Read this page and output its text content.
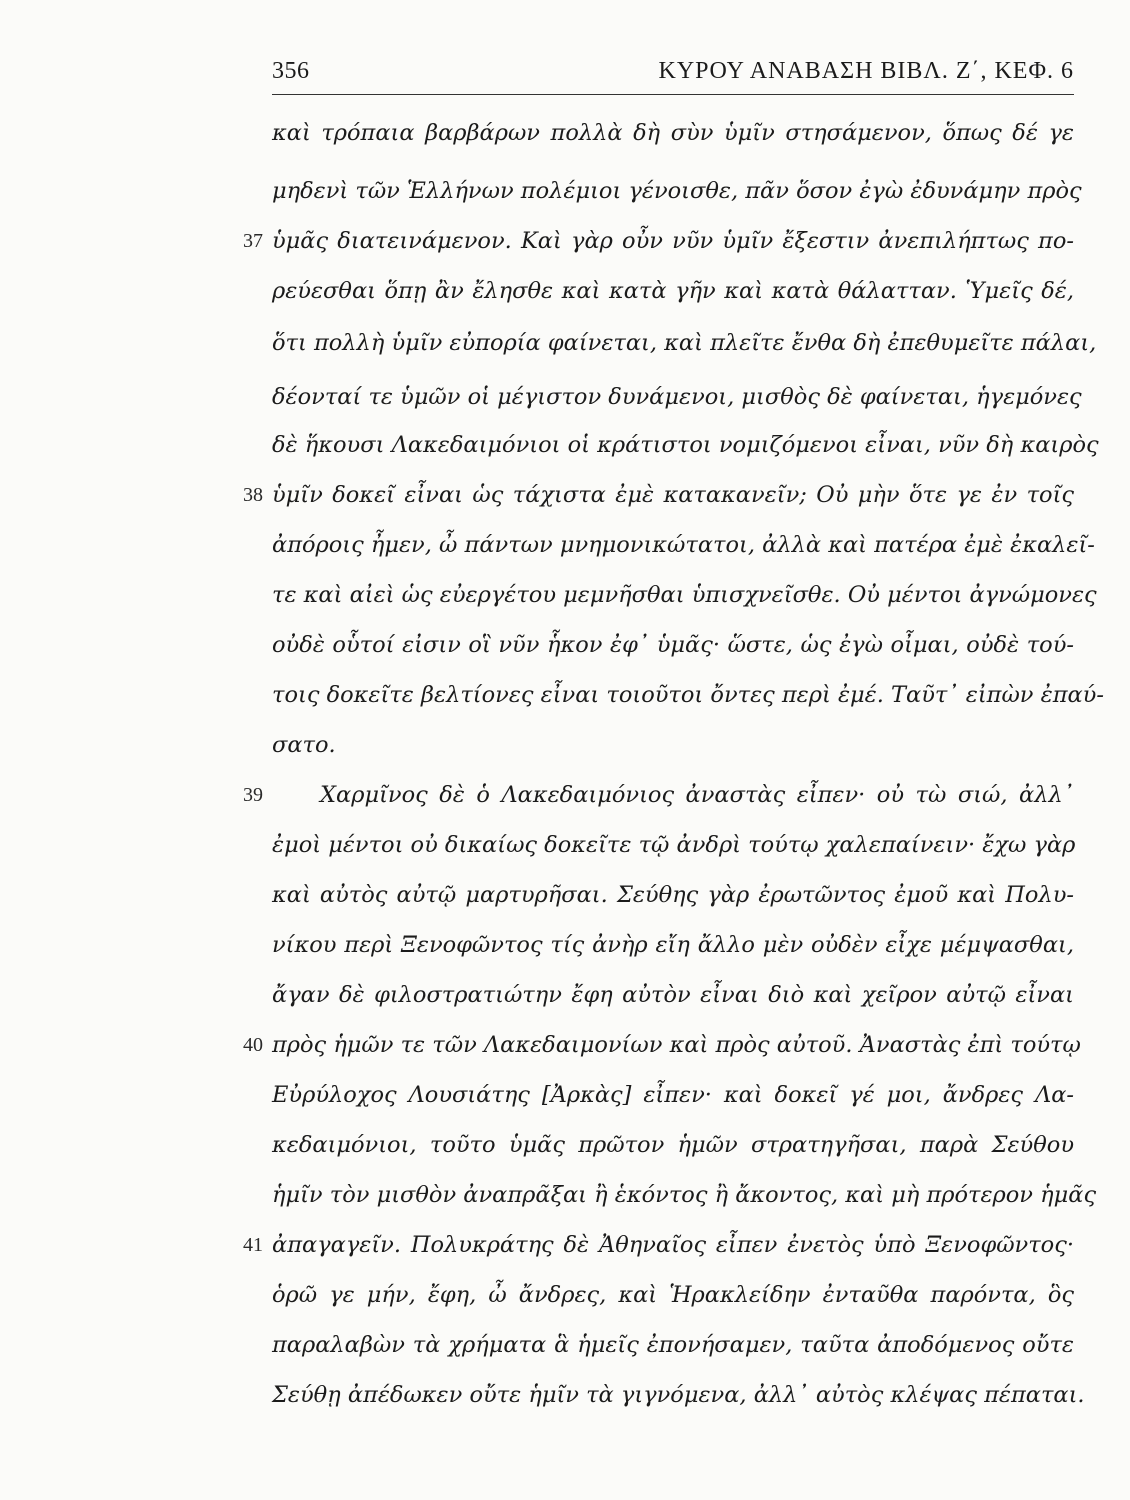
356	ΚΥΡΟΥ ΑΝΑΒΑΣΗ ΒΙΒΛ. Ζ΄, ΚΕΦ. 6
καὶ τρόπαια βαρβάρων πολλὰ δὴ σὺν ὑμῖν στησάμενον, ὅπως δέ γε
μηδενὶ τῶν Ἑλλήνων πολέμιοι γένοισθε, πᾶν ὅσον ἐγὼ ἐδυνάμην πρὸς
ὑμᾶς διατεινάμενον. Καὶ γὰρ οὖν νῦν ὑμῖν ἔξεστιν ἀνεπιλήπτως πο-
ρεύεσθαι ὅπῃ ἂν ἔλησθε καὶ κατὰ γῆν καὶ κατὰ θάλατταν. Ὑμεῖς δέ,
ὅτι πολλὴ ὑμῖν εὐπορία φαίνεται, καὶ πλεῖτε ἔνθα δὴ ἐπεθυμεῖτε πάλαι,
δέονταί τε ὑμῶν οἱ μέγιστον δυνάμενοι, μισθὸς δὲ φαίνεται, ἡγεμόνες
δὲ ἥκουσι Λακεδαιμόνιοι οἱ κράτιστοι νομιζόμενοι εἶναι, νῦν δὴ καιρὸς
ὑμῖν δοκεῖ εἶναι ὡς τάχιστα ἐμὲ κατακανεῖν; Οὐ μὴν ὅτε γε ἐν τοῖς
ἀπόροις ἦμεν, ὦ πάντων μνημονικώτατοι, ἀλλὰ καὶ πατέρα ἐμὲ ἐκαλεῖ-
τε καὶ αἰεὶ ὡς εὐεργέτου μεμνῆσθαι ὑπισχνεῖσθε. Οὐ μέντοι ἀγνώμονες
οὐδὲ οὗτοί εἰσιν οἳ νῦν ἧκον ἐφ᾿ ὑμᾶς· ὥστε, ὡς ἐγὼ οἶμαι, οὐδὲ τού-
τοις δοκεῖτε βελτίονες εἶναι τοιοῦτοι ὄντες περὶ ἐμέ. Ταῦτ᾿ εἰπὼν ἐπαύ-
σατο.
Χαρμῖνος δὲ ὁ Λακεδαιμόνιος ἀναστὰς εἶπεν· οὐ τὼ σιώ, ἀλλ᾿
ἐμοὶ μέντοι οὐ δικαίως δοκεῖτε τῷ ἀνδρὶ τούτῳ χαλεπαίνειν· ἔχω γὰρ
καὶ αὐτὸς αὐτῷ μαρτυρῆσαι. Σεύθης γὰρ ἐρωτῶντος ἐμοῦ καὶ Πολυ-
νίκου περὶ Ξενοφῶντος τίς ἀνὴρ εἴη ἄλλο μὲν οὐδὲν εἶχε μέμψασθαι,
ἄγαν δὲ φιλοστρατιώτην ἔφη αὐτὸν εἶναι διὸ καὶ χεῖρον αὐτῷ εἶναι
πρὸς ἡμῶν τε τῶν Λακεδαιμονίων καὶ πρὸς αὐτοῦ. Ἀναστὰς ἐπὶ τούτῳ
Εὐρύλοχος Λουσιάτης [Ἀρκὰς] εἶπεν· καὶ δοκεῖ γέ μοι, ἄνδρες Λα-
κεδαιμόνιοι, τοῦτο ὑμᾶς πρῶτον ἡμῶν στρατηγῆσαι, παρὰ Σεύθου
ἡμῖν τὸν μισθὸν ἀναπρᾶξαι ἢ ἑκόντος ἢ ἄκοντος, καὶ μὴ πρότερον ἡμᾶς
ἀπαγαγεῖν. Πολυκράτης δὲ Ἀθηναῖος εἶπεν ἐνετὸς ὑπὸ Ξενοφῶντος·
ὁρῶ γε μήν, ἔφη, ὦ ἄνδρες, καὶ Ἡρακλείδην ἐνταῦθα παρόντα, ὃς
παραλαβὼν τὰ χρήματα ἃ ἡμεῖς ἐπονήσαμεν, ταῦτα ἀποδόμενος οὔτε
Σεύθῃ ἀπέδωκεν οὔτε ἡμῖν τὰ γιγνόμενα, ἀλλ᾿ αὐτὸς κλέψας πέπαται.
37
38
39
40
41
